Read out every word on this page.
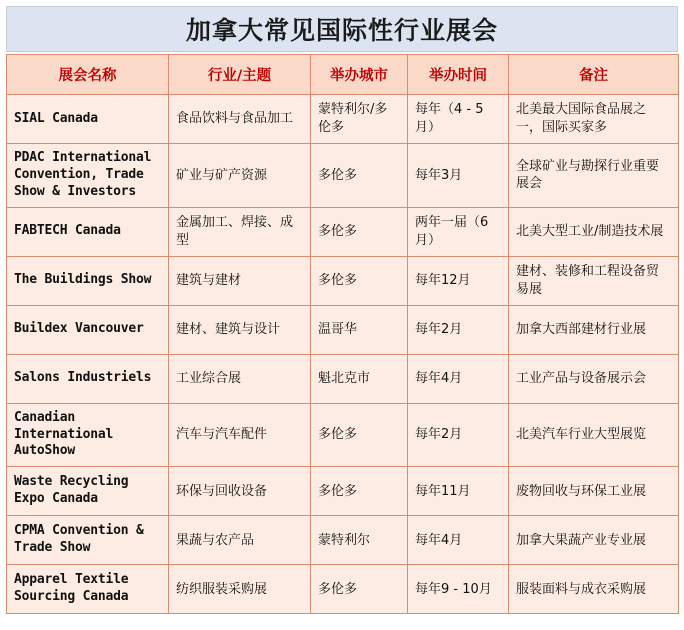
加拿大常见国际性行业展会
展会名称	行业/主题	举办城市	举办时间	备注
SIAL Canada	食品饮料与食品加工	蒙特利尔/多伦多	每年（4 - 5月）	北美最大国际食品展之一，国际买家多
PDAC International Convention, Trade Show & Investors	矿业与矿产资源	多伦多	每年3月	全球矿业与勘探行业重要展会
FABTECH Canada	金属加工、焊接、成型	多伦多	两年一届（6月）	北美大型工业/制造技术展
The Buildings Show	建筑与建材	多伦多	每年12月	建材、装修和工程设备贸易展
Buildex Vancouver	建材、建筑与设计	温哥华	每年2月	加拿大西部建材行业展
Salons Industriels	工业综合展	魁北克市	每年4月	工业产品与设备展示会
Canadian International AutoShow	汽车与汽车配件	多伦多	每年2月	北美汽车行业大型展览
Waste Recycling Expo Canada	环保与回收设备	多伦多	每年11月	废物回收与环保工业展
CPMA Convention & Trade Show	果蔬与农产品	蒙特利尔	每年4月	加拿大果蔬产业专业展
Apparel Textile Sourcing Canada	纺织服装采购展	多伦多	每年9 - 10月	服装面料与成衣采购展
